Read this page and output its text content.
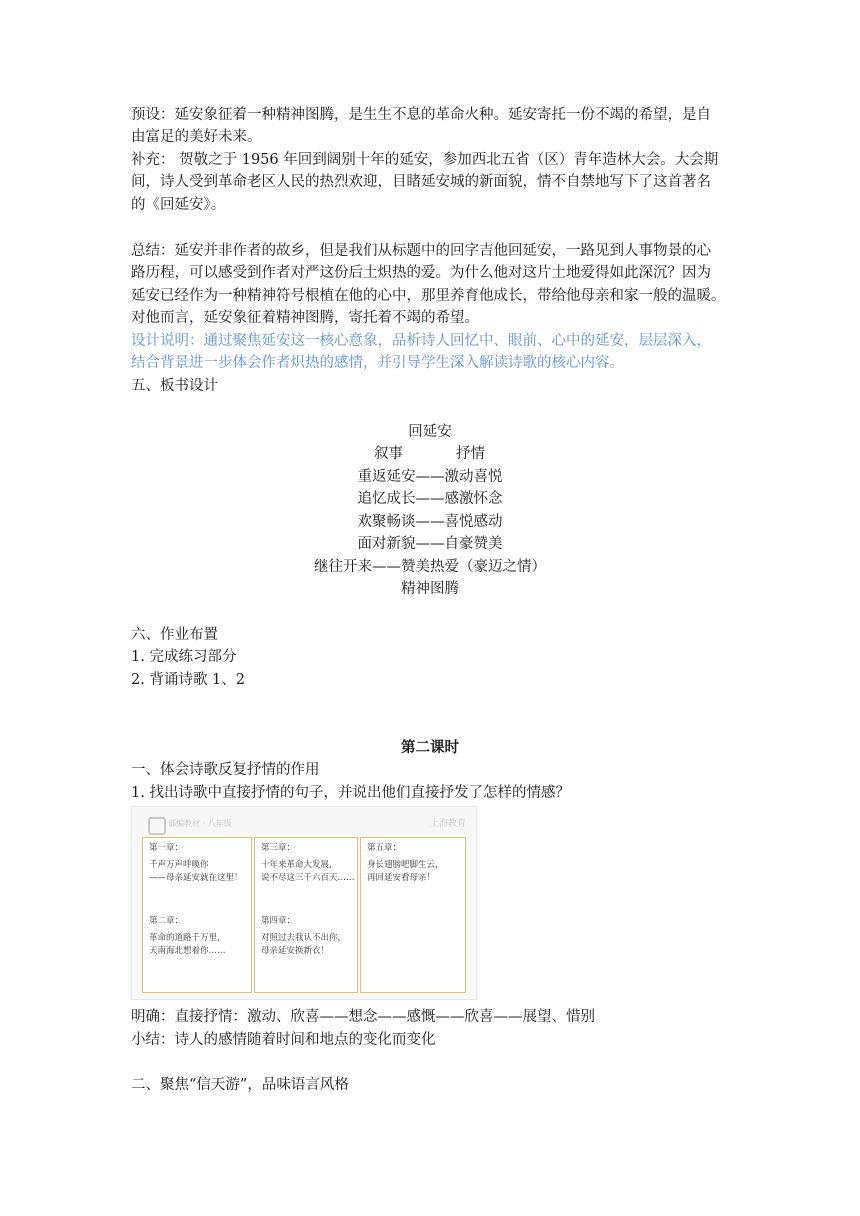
预设：延安象征着一种精神图腾，是生生不息的革命火种。延安寄托一份不竭的希望，是自
由富足的美好未来。
补充： 贺敬之于 1956 年回到阔别十年的延安，参加西北五省（区）青年造林大会。大会期
间，诗人受到革命老区人民的热烈欢迎，目睹延安城的新面貌，情不自禁地写下了这首著名
的《回延安》。
总结：延安并非作者的故乡，但是我们从标题中的回字吉他回延安，一路见到人事物景的心
路历程，可以感受到作者对严这份后土炽热的爱。为什么他对这片土地爱得如此深沉？因为
延安已经作为一种精神符号根植在他的心中，那里养育他成长，带给他母亲和家一般的温暖。
对他而言，延安象征着精神图腾，寄托着不竭的希望。
设计说明：通过聚焦延安这一核心意象，品析诗人回忆中、眼前、心中的延安，层层深入，
结合背景进一步体会作者炽热的感情，并引导学生深入解读诗歌的核心内容。
五、板书设计
回延安
叙事	抒情
重返延安——激动喜悦
追忆成长——感激怀念
欢聚畅谈——喜悦感动
面对新貌——自豪赞美
继往开来——赞美热爱（豪迈之情）
精神图腾
六、作业布置
1. 完成练习部分
2. 背诵诗歌 1、2
第二课时
一、体会诗歌反复抒情的作用
1. 找出诗歌中直接抒情的句子，并说出他们直接抒发了怎样的情感？
部编教材 · 八年级	上海教育

第一章：

千声万声呼唤你

——母亲延安就在这里！

第二章：

革命的道路千万里，

天南海北想着你……

第三章：

十年来革命大发展，

说不尽这三千六百天……

第四章：

对照过去我认不出你，

母亲延安换新衣！

第五章：

身长翅膀吧脚生云，

再回延安看母亲！

明确：直接抒情：激动、欣喜——想念——感慨——欣喜——展望、惜别
小结：诗人的感情随着时间和地点的变化而变化
二、聚焦“信天游”，品味语言风格
